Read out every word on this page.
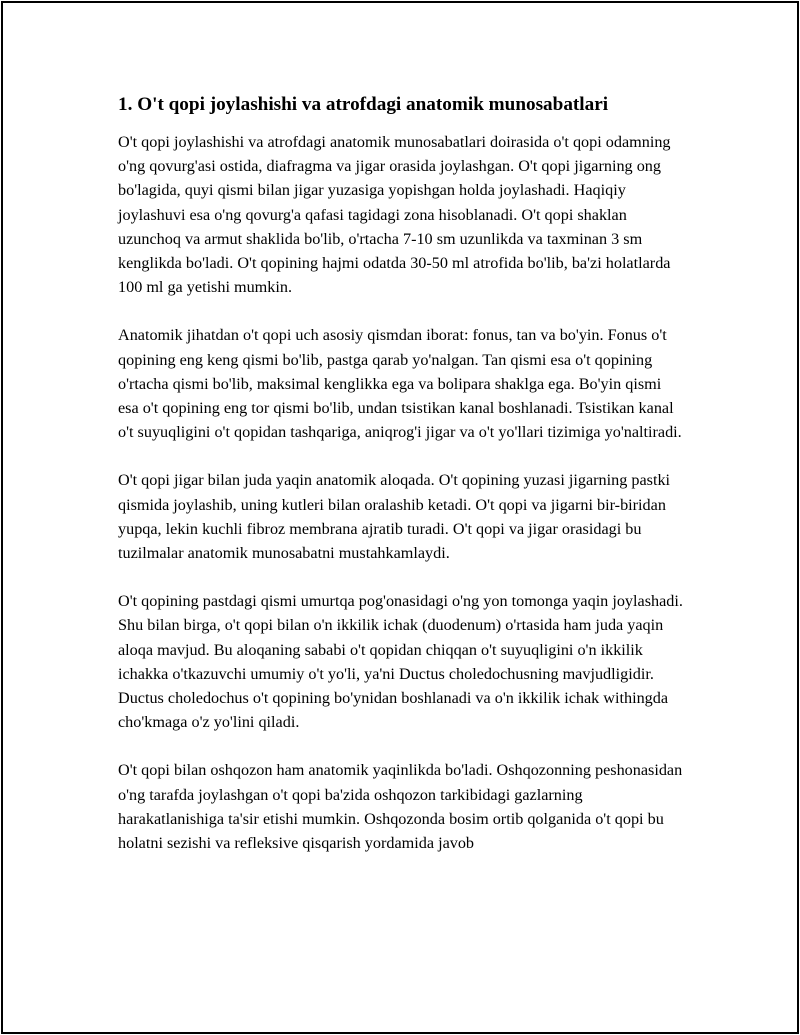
1. O't qopi joylashishi va atrofdagi anatomik munosabatlari

O't qopi joylashishi va atrofdagi anatomik munosabatlari doirasida o't qopi odamning o'ng qovurg'asi ostida, diafragma va jigar orasida joylashgan. O't qopi jigarning ong bo'lagida, quyi qismi bilan jigar yuzasiga yopishgan holda joylashadi. Haqiqiy joylashuvi esa o'ng qovurg'a qafasi tagidagi zona hisoblanadi. O't qopi shaklan uzunchoq va armut shaklida bo'lib, o'rtacha 7-10 sm uzunlikda va taxminan 3 sm kenglikda bo'ladi. O't qopining hajmi odatda 30-50 ml atrofida bo'lib, ba'zi holatlarda 100 ml ga yetishi mumkin.

Anatomik jihatdan o't qopi uch asosiy qismdan iborat: fonus, tan va bo'yin. Fonus o't qopining eng keng qismi bo'lib, pastga qarab yo'nalgan. Tan qismi esa o't qopining o'rtacha qismi bo'lib, maksimal kenglikka ega va bolipara shaklga ega. Bo'yin qismi esa o't qopining eng tor qismi bo'lib, undan tsistikan kanal boshlanadi. Tsistikan kanal o't suyuqligini o't qopidan tashqariga, aniqrog'i jigar va o't yo'llari tizimiga yo'naltiradi.

O't qopi jigar bilan juda yaqin anatomik aloqada. O't qopining yuzasi jigarning pastki qismida joylashib, uning kutleri bilan oralashib ketadi. O't qopi va jigarni bir-biridan yupqa, lekin kuchli fibroz membrana ajratib turadi. O't qopi va jigar orasidagi bu tuzilmalar anatomik munosabatni mustahkamlaydi.

O't qopining pastdagi qismi umurtqa pog'onasidagi o'ng yon tomonga yaqin joylashadi. Shu bilan birga, o't qopi bilan o'n ikkilik ichak (duodenum) o'rtasida ham juda yaqin aloqa mavjud. Bu aloqaning sababi o't qopidan chiqqan o't suyuqligini o'n ikkilik ichakka o'tkazuvchi umumiy o't yo'li, ya'ni Ductus choledochusning mavjudligidir. Ductus choledochus o't qopining bo'ynidan boshlanadi va o'n ikkilik ichak withingda cho'kmaga o'z yo'lini qiladi.

O't qopi bilan oshqozon ham anatomik yaqinlikda bo'ladi. Oshqozonning peshonasidan o'ng tarafda joylashgan o't qopi ba'zida oshqozon tarkibidagi gazlarning harakatlanishiga ta'sir etishi mumkin. Oshqozonda bosim ortib qolganida o't qopi bu holatni sezishi va refleksive qisqarish yordamida javob
